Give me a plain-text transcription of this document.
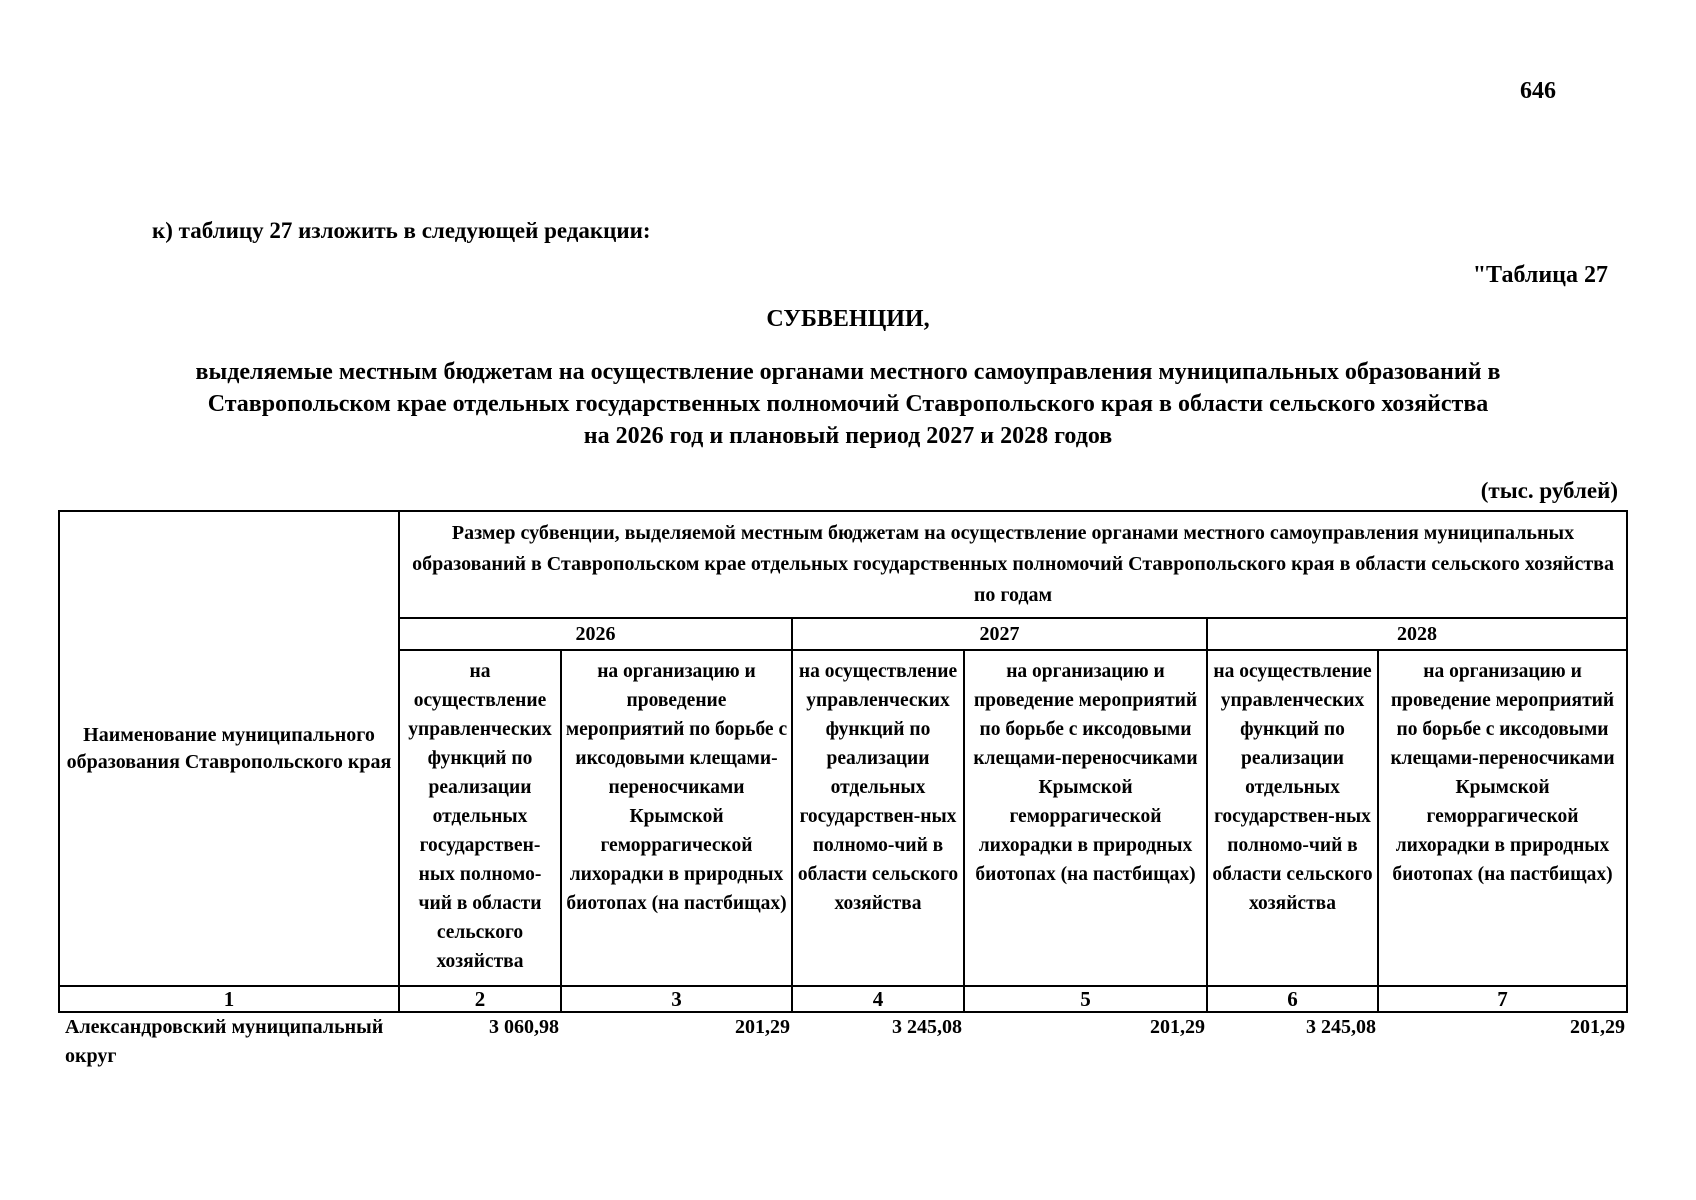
646
к) таблицу 27 изложить в следующей редакции:
"Таблица 27
СУБВЕНЦИИ,
выделяемые местным бюджетам на осуществление органами местного самоуправления муниципальных образований в
Ставропольском крае отдельных государственных полномочий Ставропольского края в области сельского хозяйства
на 2026 год и плановый период 2027 и 2028 годов
(тыс. рублей)
Наименование муниципального образования Ставропольского края	Размер субвенции, выделяемой местным бюджетам на осуществление органами местного самоуправления муниципальных образований в Ставропольском крае отдельных государственных полномочий Ставропольского края в области сельского хозяйства по годам					
	2026		2027		2028	
	на осуществление управленческих функций по реализации отдельных государствен-ных полномо-чий в области сельского хозяйства	на организацию и проведение мероприятий по борьбе с иксодовыми клещами-переносчиками Крымской геморрагической лихорадки в природных биотопах (на пастбищах)	на осуществление управленческих функций по реализации отдельных государствен-ных полномо-чий в области сельского хозяйства	на организацию и проведение мероприятий по борьбе с иксодовыми клещами-переносчиками Крымской геморрагической лихорадки в природных биотопах (на пастбищах)	на осуществление управленческих функций по реализации отдельных государствен-ных полномо-чий в области сельского хозяйства	на организацию и проведение мероприятий по борьбе с иксодовыми клещами-переносчиками Крымской геморрагической лихорадки в природных биотопах (на пастбищах)
1	2	3	4	5	6	7
Александровский муниципальный округ	3 060,98	201,29	3 245,08	201,29	3 245,08	201,29
